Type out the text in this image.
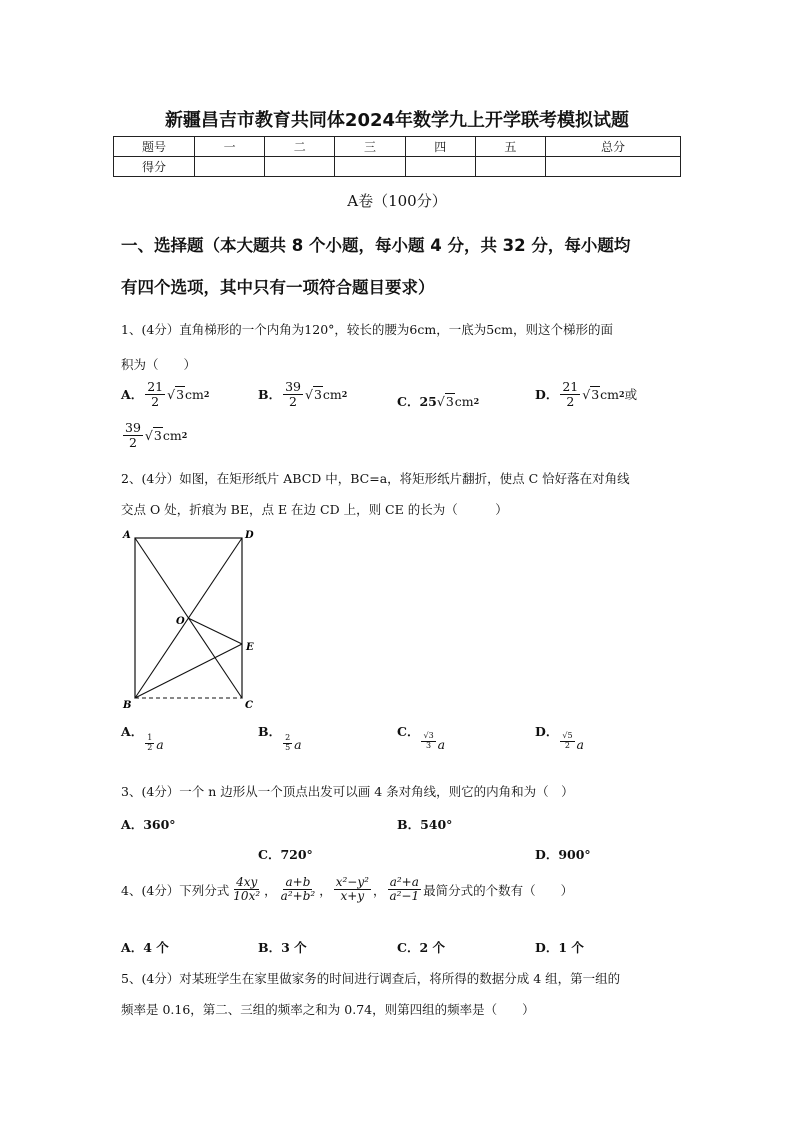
新疆昌吉市教育共同体2024年数学九上开学联考模拟试题
题号	一	二	三	四	五	总分
得分						
A卷（100分）
一、选择题（本大题共 8 个小题，每小题 4 分，共 32 分，每小题均
有四个选项，其中只有一项符合题目要求）
1、(4分）直角梯形的一个内角为120°，较长的腰为6cm，一底为5cm，则这个梯形的面
积为（　　）
A． $\frac{21}{2} √3$ cm 2	B． $\frac{39}{2} √3$ cm 2	C． 25 √3 cm 2	D． $\frac{21}{2} √3$ cm 2 或
$\frac{39}{2} √3$ cm 2
2、(4分）如图，在矩形纸片 ABCD 中，BC=a，将矩形纸片翻折，使点 C 恰好落在对角线
交点 O 处，折痕为 BE，点 E 在边 CD 上，则 CE 的长为（　　　）
A	D
O
E
B	C
A．
$\frac{1}{2}$ a
B．
$\frac{2}{5}$ a
C．
$\frac{√3}{3}$ a
D．
$\frac{√5}{2}$ a
3、(4分）一个 n 边形从一个顶点出发可以画 4 条对角线，则它的内角和为（　）
A．360°	B．540°
C．720°	D．900°
4、(4分）下列分式 $\frac{4xy}{\text{10x²}}$ ， $\frac{a+b}{\text{a²+b²}}$ ， $\frac{\text{x²−y²}}{x+y}$ ， $\frac{\text{a²+a}}{\text{a²−1}}$ 最简分式的个数有（　　）
A．4 个	B．3 个	C．2 个	D．1 个
5、(4分）对某班学生在家里做家务的时间进行调查后，将所得的数据分成 4 组，第一组的
频率是 0.16，第二、三组的频率之和为 0.74，则第四组的频率是（　　）
